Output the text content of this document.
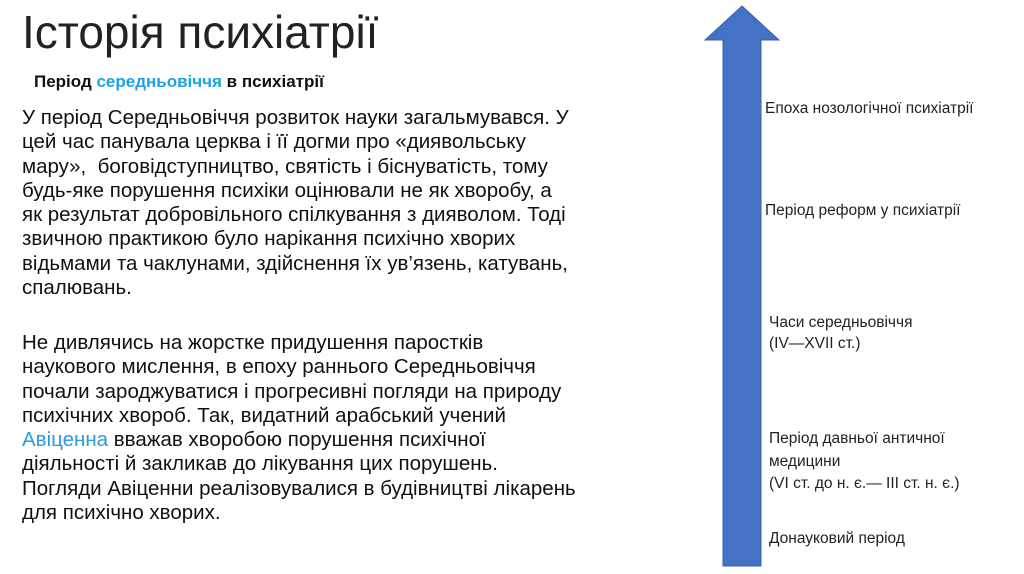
Історія психіатрії
Період середньовіччя в психіатрії
У період Середньовіччя розвиток науки загальмувався. У
цей час панувала церква і її догми про «диявольську
мару»,  боговідступництво, святість і біснуватість, тому
будь-яке порушення психіки оцінювали не як хворобу, а
як результат добровільного спілкування з дияволом. Тоді
звичною практикою було нарікання психічно хворих
відьмами та чаклунами, здійснення їх ув’язень, катувань,
спалювань.
Не дивлячись на жорстке придушення паростків
наукового мислення, в епоху раннього Середньовіччя
почали зароджуватися і прогресивні погляди на природу
психічних хвороб. Так, видатний арабський учений
Авіценна вважав хворобою порушення психічної
діяльності й закликав до лікування цих порушень.
Погляди Авіценни реалізовувалися в будівництві лікарень
для психічно хворих.
Епоха нозологічної психіатрії
Період реформ у психіатрії
Часи середньовіччя
(IV—XVII ст.)
Період давньої античної
медицини
(VI ст. до н. є.— III ст. н. є.)
Донауковий період
